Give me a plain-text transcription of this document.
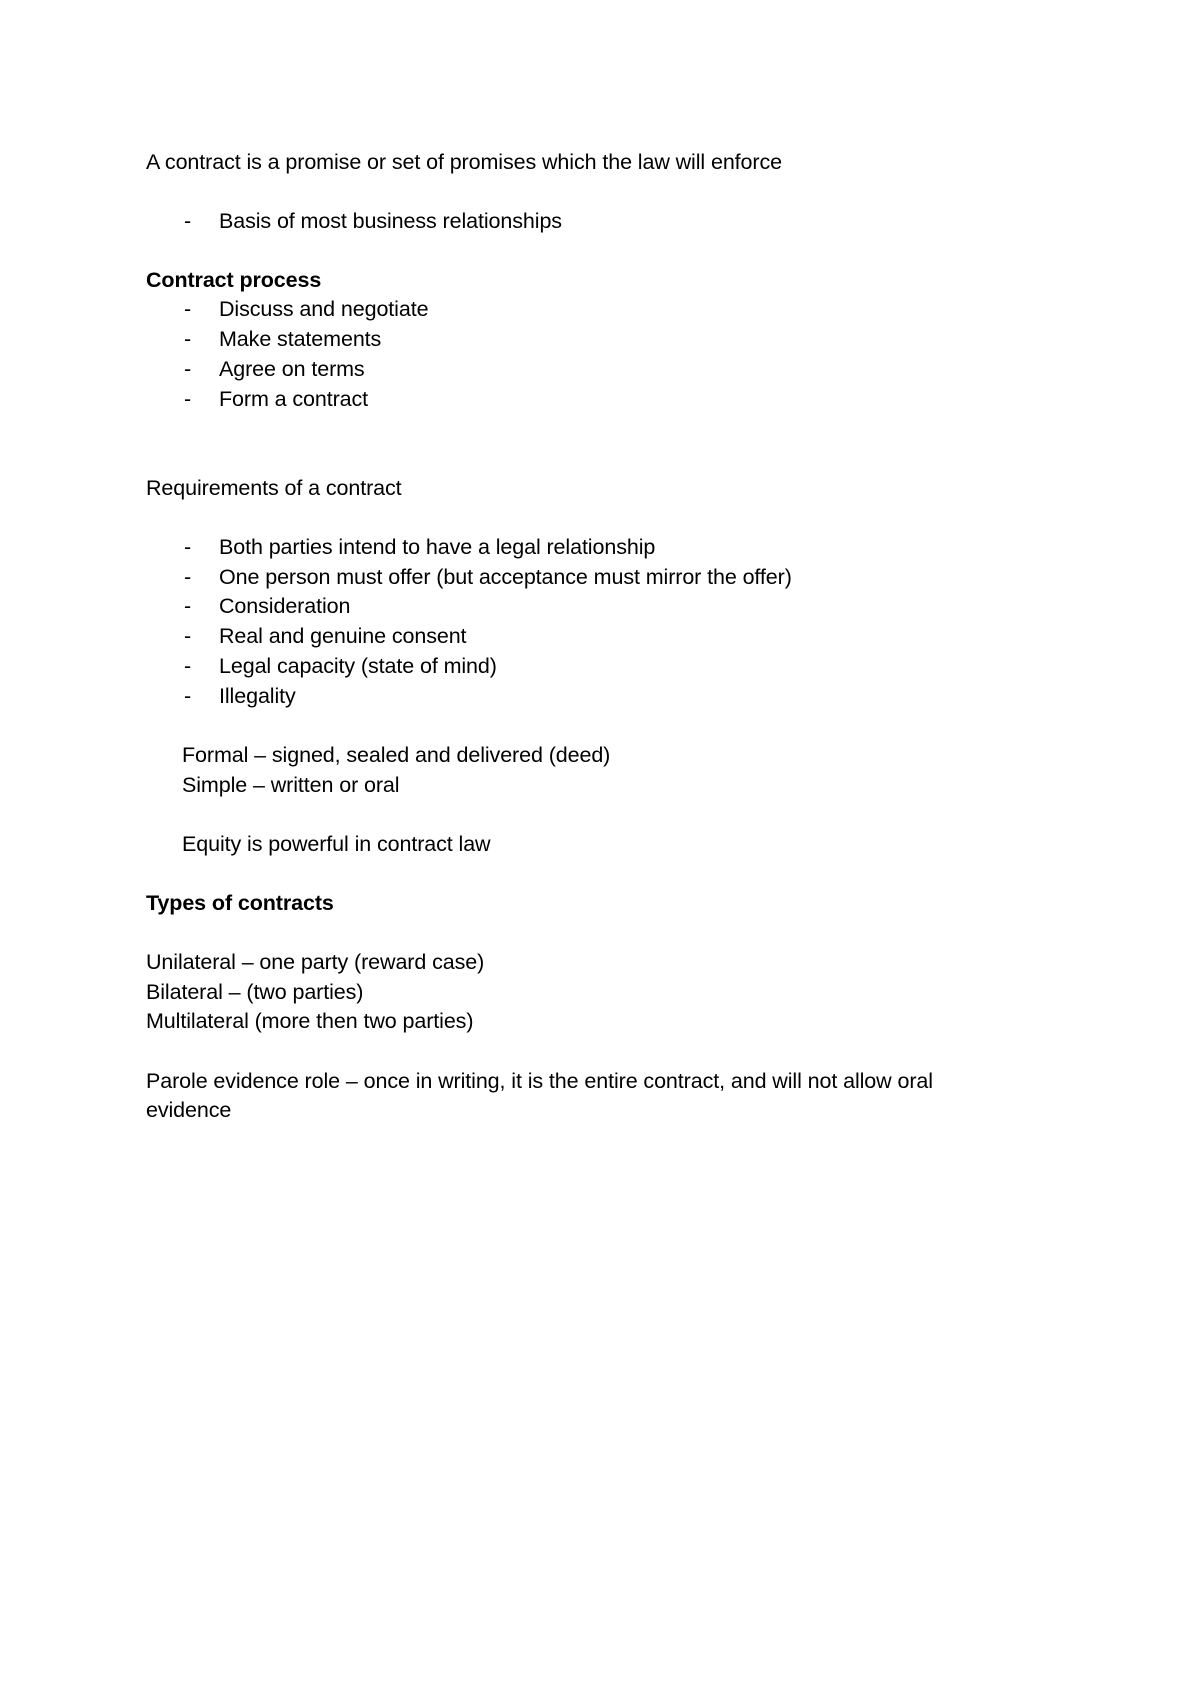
A contract is a promise or set of promises which the law will enforce
- Basis of most business relationships
Contract process
- Discuss and negotiate
- Make statements
- Agree on terms
- Form a contract
Requirements of a contract
- Both parties intend to have a legal relationship
- One person must offer (but acceptance must mirror the offer)
- Consideration
- Real and genuine consent
- Legal capacity (state of mind)
- Illegality
Formal – signed, sealed and delivered (deed)
Simple – written or oral
Equity is powerful in contract law
Types of contracts
Unilateral – one party (reward case)
Bilateral – (two parties)
Multilateral (more then two parties)
Parole evidence role – once in writing, it is the entire contract, and will not allow oral
evidence
